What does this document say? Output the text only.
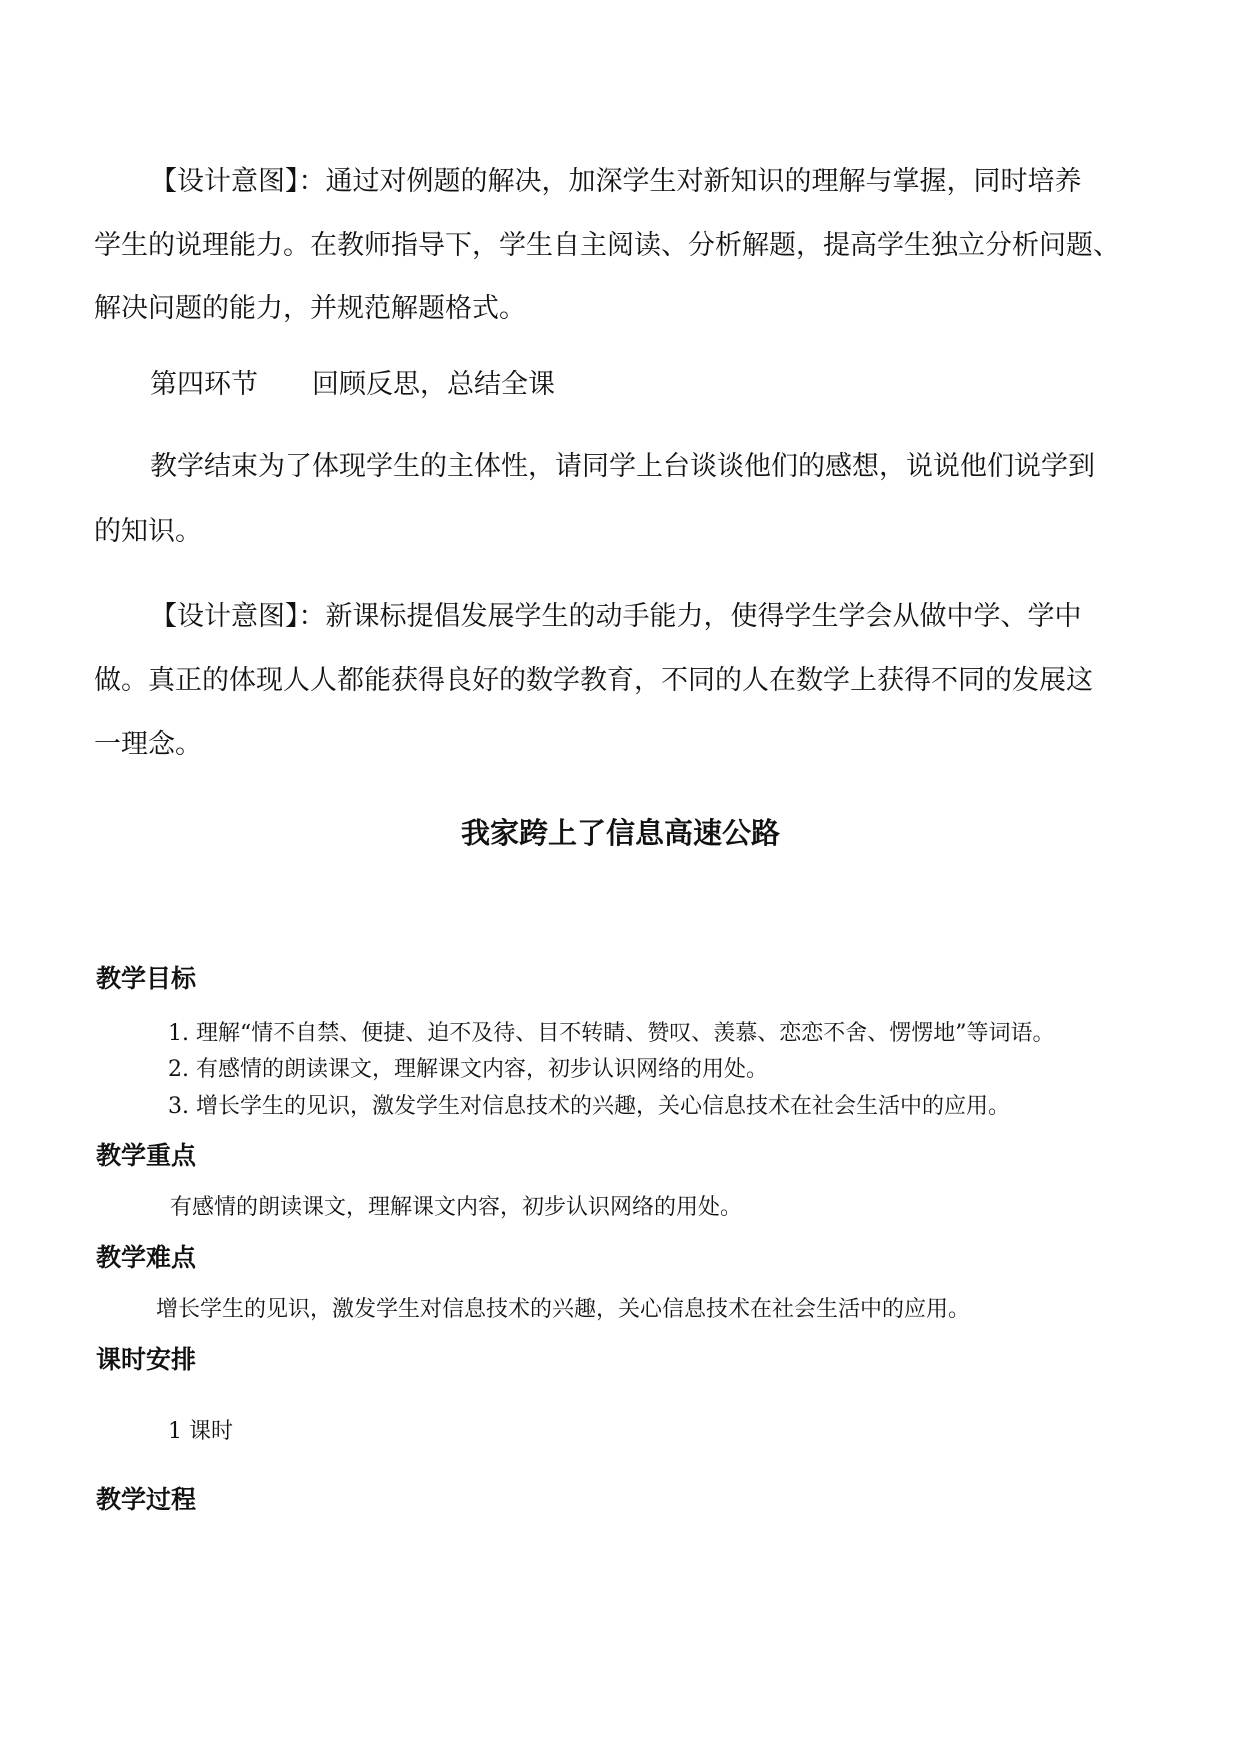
【设计意图】：通过对例题的解决，加深学生对新知识的理解与掌握，同时培养
学生的说理能力。在教师指导下，学生自主阅读、分析解题，提高学生独立分析问题、
解决问题的能力，并规范解题格式。
第四环节 回顾反思，总结全课
教学结束为了体现学生的主体性，请同学上台谈谈他们的感想，说说他们说学到
的知识。
【设计意图】：新课标提倡发展学生的动手能力，使得学生学会从做中学、学中
做。真正的体现人人都能获得良好的数学教育，不同的人在数学上获得不同的发展这
一理念。
我家跨上了信息高速公路
教学目标
1. 理解“情不自禁、便捷、迫不及待、目不转睛、赞叹、羡慕、恋恋不舍、愣愣地”等词语。
2. 有感情的朗读课文，理解课文内容，初步认识网络的用处。
3. 增长学生的见识，激发学生对信息技术的兴趣，关心信息技术在社会生活中的应用。
教学重点
有感情的朗读课文，理解课文内容，初步认识网络的用处。
教学难点
增长学生的见识，激发学生对信息技术的兴趣，关心信息技术在社会生活中的应用。
课时安排
1 课时
教学过程
